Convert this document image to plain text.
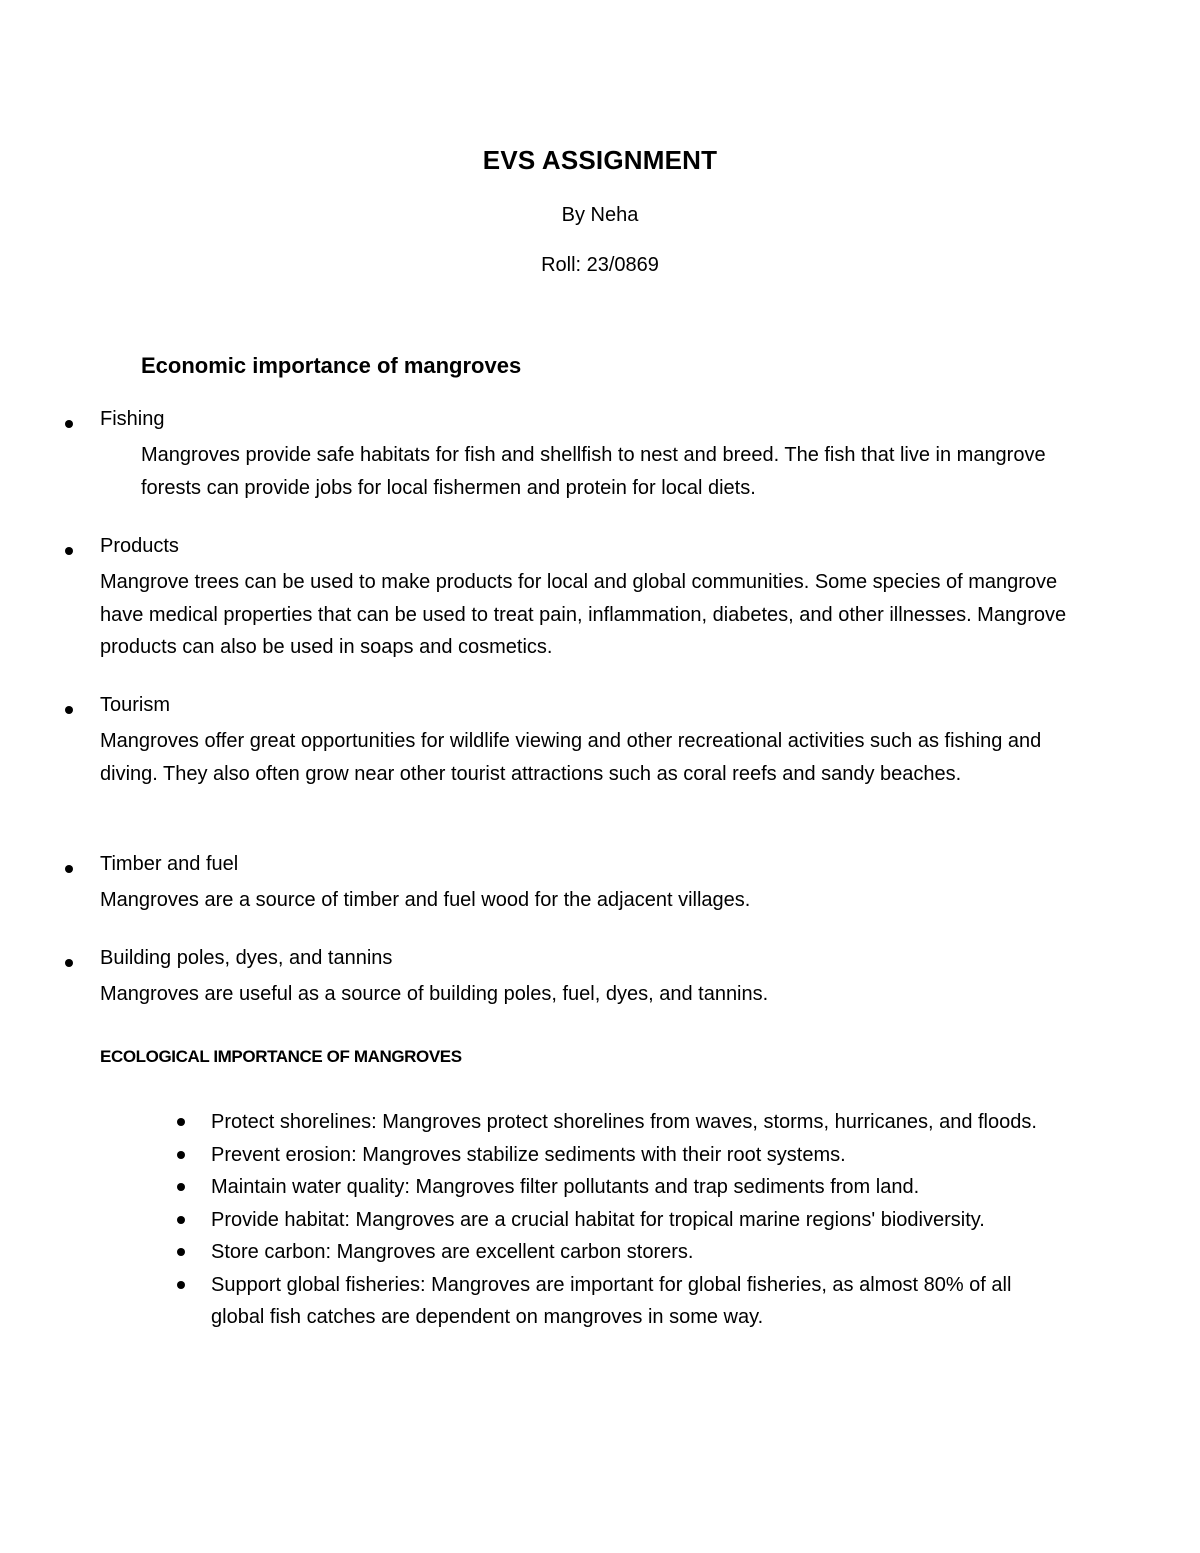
EVS ASSIGNMENT
By Neha
Roll: 23/0869
Economic importance of mangroves
Fishing
Mangroves provide safe habitats for fish and shellfish to nest and breed. The fish that live in mangrove forests can provide jobs for local fishermen and protein for local diets.
Products
Mangrove trees can be used to make products for local and global communities. Some species of mangrove have medical properties that can be used to treat pain, inflammation, diabetes, and other illnesses. Mangrove products can also be used in soaps and cosmetics.
Tourism
Mangroves offer great opportunities for wildlife viewing and other recreational activities such as fishing and diving. They also often grow near other tourist attractions such as coral reefs and sandy beaches.
Timber and fuel
Mangroves are a source of timber and fuel wood for the adjacent villages.
Building poles, dyes, and tannins
Mangroves are useful as a source of building poles, fuel, dyes, and tannins.
ECOLOGICAL IMPORTANCE OF MANGROVES
Protect shorelines: Mangroves protect shorelines from waves, storms, hurricanes, and floods.
Prevent erosion: Mangroves stabilize sediments with their root systems.
Maintain water quality: Mangroves filter pollutants and trap sediments from land.
Provide habitat: Mangroves are a crucial habitat for tropical marine regions' biodiversity.
Store carbon: Mangroves are excellent carbon storers.
Support global fisheries: Mangroves are important for global fisheries, as almost 80% of all global fish catches are dependent on mangroves in some way.
